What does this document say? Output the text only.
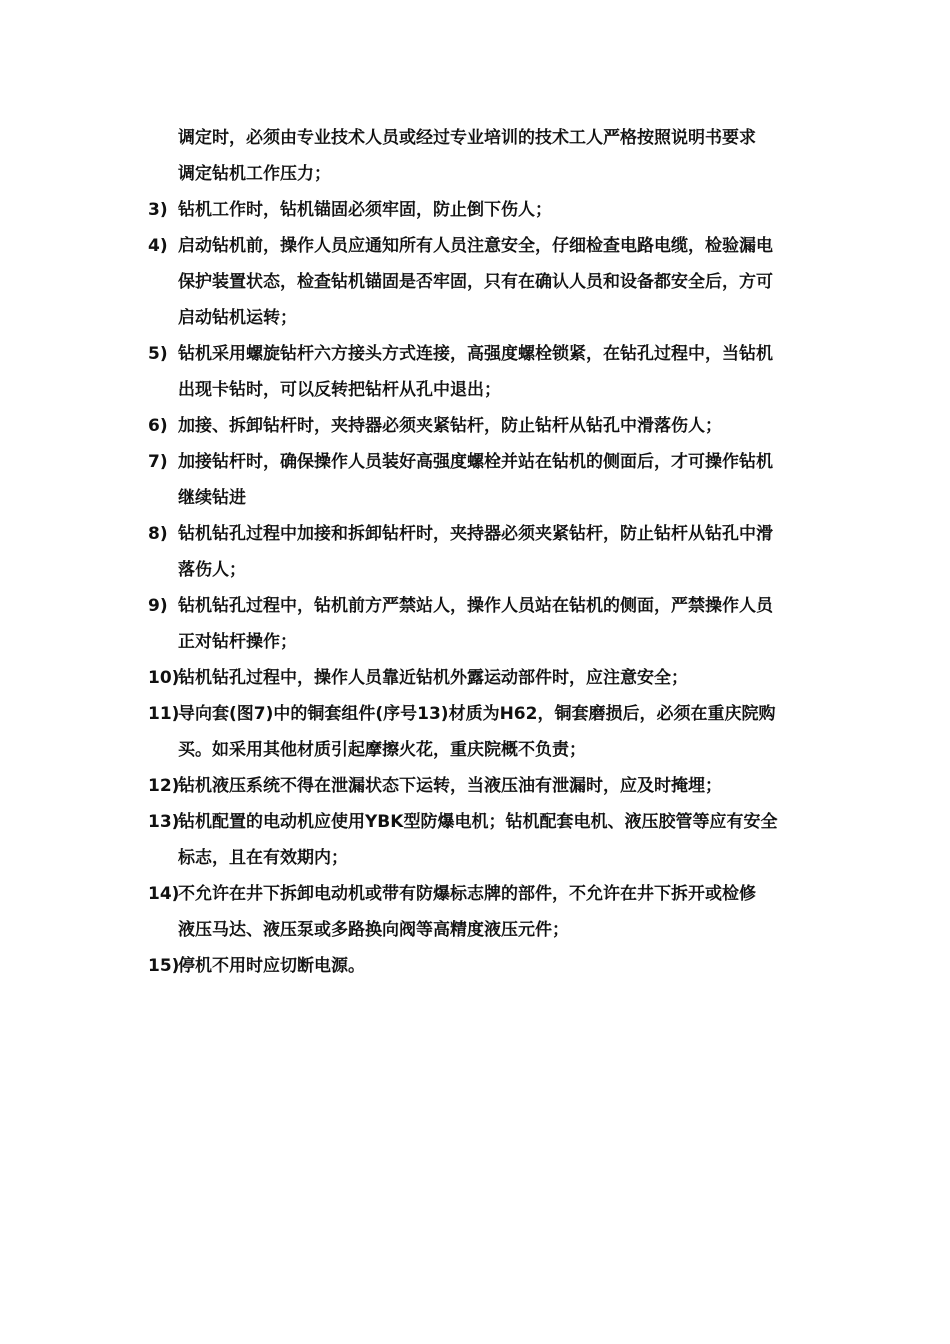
调定时，必须由专业技术人员或经过专业培训的技术工人严格按照说明书要求
调定钻机工作压力；
3) 钻机工作时，钻机锚固必须牢固，防止倒下伤人；
4) 启动钻机前，操作人员应通知所有人员注意安全，仔细检查电路电缆，检验漏电
保护装置状态，检查钻机锚固是否牢固，只有在确认人员和设备都安全后，方可
启动钻机运转；
5) 钻机采用螺旋钻杆六方接头方式连接，高强度螺栓锁紧，在钻孔过程中，当钻机
出现卡钻时，可以反转把钻杆从孔中退出；
6) 加接、拆卸钻杆时，夹持器必须夹紧钻杆，防止钻杆从钻孔中滑落伤人；
7) 加接钻杆时，确保操作人员装好高强度螺栓并站在钻机的侧面后，才可操作钻机
继续钻进
8) 钻机钻孔过程中加接和拆卸钻杆时，夹持器必须夹紧钻杆，防止钻杆从钻孔中滑
落伤人；
9) 钻机钻孔过程中，钻机前方严禁站人，操作人员站在钻机的侧面，严禁操作人员
正对钻杆操作；
10)
钻机钻孔过程中，操作人员靠近钻机外露运动部件时，应注意安全；
11)
导向套(图7)中的铜套组件(序号13)材质为H62，铜套磨损后，必须在重庆院购
买。如采用其他材质引起摩擦火花，重庆院概不负责；
12)
钻机液压系统不得在泄漏状态下运转，当液压油有泄漏时，应及时掩埋；
13)
钻机配置的电动机应使用YBK型防爆电机；钻机配套电机、液压胶管等应有安全
标志，且在有效期内；
14)
不允许在井下拆卸电动机或带有防爆标志牌的部件，不允许在井下拆开或检修
液压马达、液压泵或多路换向阀等高精度液压元件；
15)
停机不用时应切断电源。
